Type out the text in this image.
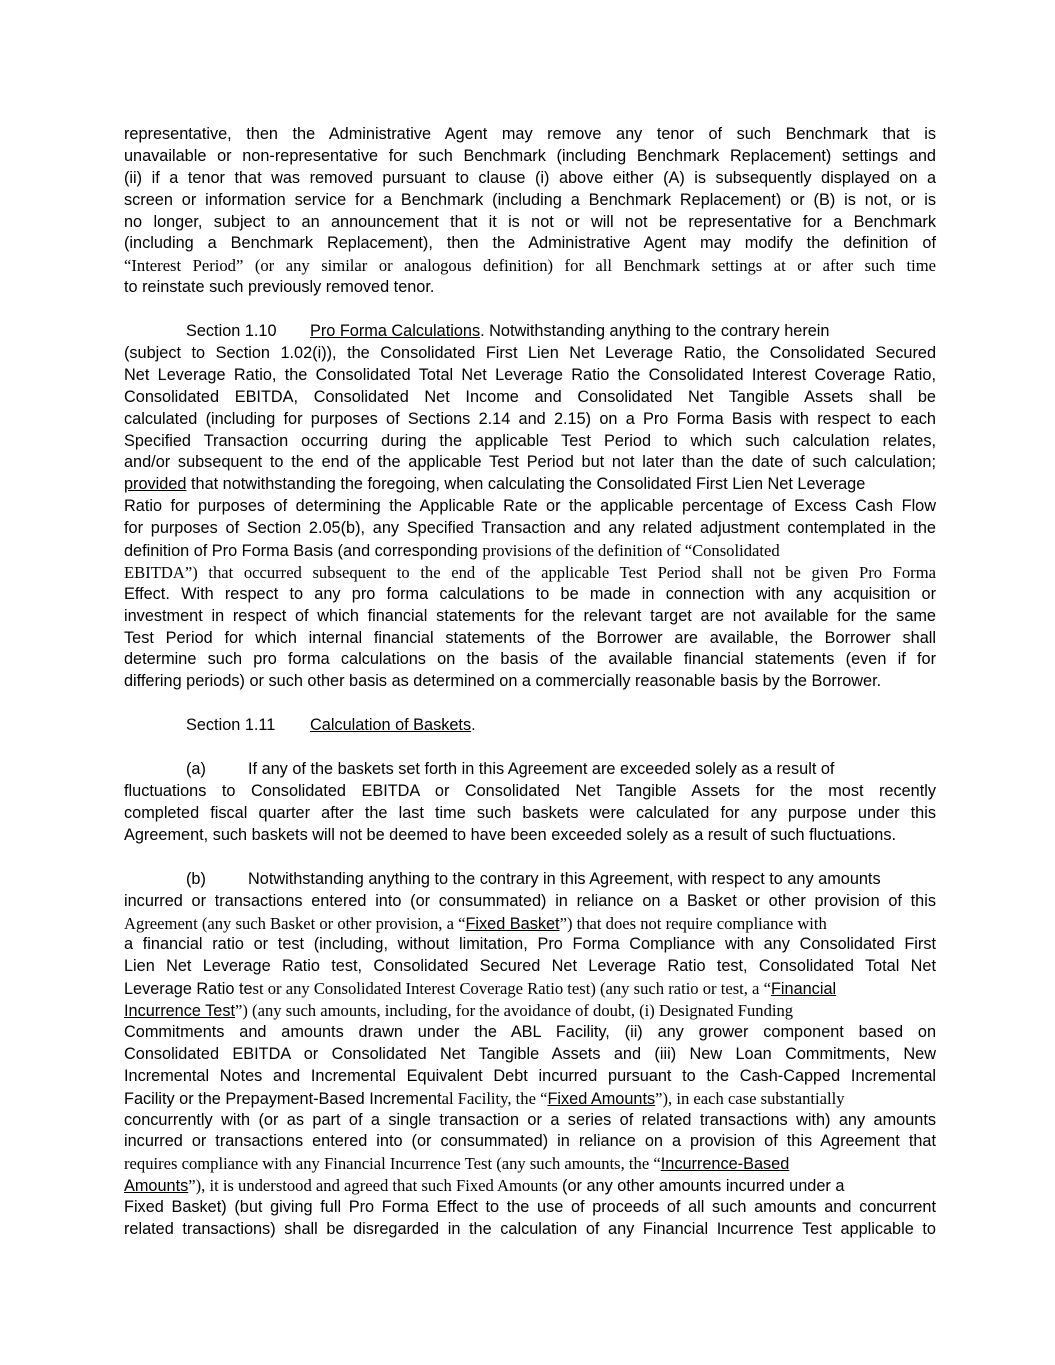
representative, then the Administrative Agent may remove any tenor of such Benchmark that is
unavailable or non-representative for such Benchmark (including Benchmark Replacement) settings and
(ii) if a tenor that was removed pursuant to clause (i) above either (A) is subsequently displayed on a
screen or information service for a Benchmark (including a Benchmark Replacement) or (B) is not, or is
no longer, subject to an announcement that it is not or will not be representative for a Benchmark
(including a Benchmark Replacement), then the Administrative Agent may modify the definition of
“Interest Period” (or any similar or analogous definition) for all Benchmark settings at or after such time
to reinstate such previously removed tenor.
Section 1.10 Pro Forma Calculations. Notwithstanding anything to the contrary herein
(subject to Section 1.02(i)), the Consolidated First Lien Net Leverage Ratio, the Consolidated Secured
Net Leverage Ratio, the Consolidated Total Net Leverage Ratio the Consolidated Interest Coverage Ratio,
Consolidated EBITDA, Consolidated Net Income and Consolidated Net Tangible Assets shall be
calculated (including for purposes of Sections 2.14 and 2.15) on a Pro Forma Basis with respect to each
Specified Transaction occurring during the applicable Test Period to which such calculation relates,
and/or subsequent to the end of the applicable Test Period but not later than the date of such calculation;
provided that notwithstanding the foregoing, when calculating the Consolidated First Lien Net Leverage
Ratio for purposes of determining the Applicable Rate or the applicable percentage of Excess Cash Flow
for purposes of Section 2.05(b), any Specified Transaction and any related adjustment contemplated in the
definition of Pro Forma Basis (and corresponding provisions of the definition of “Consolidated
EBITDA”) that occurred subsequent to the end of the applicable Test Period shall not be given Pro Forma
Effect. With respect to any pro forma calculations to be made in connection with any acquisition or
investment in respect of which financial statements for the relevant target are not available for the same
Test Period for which internal financial statements of the Borrower are available, the Borrower shall
determine such pro forma calculations on the basis of the available financial statements (even if for
differing periods) or such other basis as determined on a commercially reasonable basis by the Borrower.
Section 1.11 Calculation of Baskets.
(a)	If any of the baskets set forth in this Agreement are exceeded solely as a result of
fluctuations to Consolidated EBITDA or Consolidated Net Tangible Assets for the most recently
completed fiscal quarter after the last time such baskets were calculated for any purpose under this
Agreement, such baskets will not be deemed to have been exceeded solely as a result of such fluctuations.
(b)	Notwithstanding anything to the contrary in this Agreement, with respect to any amounts
incurred or transactions entered into (or consummated) in reliance on a Basket or other provision of this
Agreement (any such Basket or other provision, a “Fixed Basket”) that does not require compliance with
a financial ratio or test (including, without limitation, Pro Forma Compliance with any Consolidated First
Lien Net Leverage Ratio test, Consolidated Secured Net Leverage Ratio test, Consolidated Total Net
Leverage Ratio test or any Consolidated Interest Coverage Ratio test) (any such ratio or test, a “Financial
Incurrence Test”) (any such amounts, including, for the avoidance of doubt, (i) Designated Funding
Commitments and amounts drawn under the ABL Facility, (ii) any grower component based on
Consolidated EBITDA or Consolidated Net Tangible Assets and (iii) New Loan Commitments, New
Incremental Notes and Incremental Equivalent Debt incurred pursuant to the Cash-Capped Incremental
Facility or the Prepayment-Based Incremental Facility, the “Fixed Amounts”), in each case substantially
concurrently with (or as part of a single transaction or a series of related transactions with) any amounts
incurred or transactions entered into (or consummated) in reliance on a provision of this Agreement that
requires compliance with any Financial Incurrence Test (any such amounts, the “Incurrence-Based
Amounts”), it is understood and agreed that such Fixed Amounts (or any other amounts incurred under a
Fixed Basket) (but giving full Pro Forma Effect to the use of proceeds of all such amounts and concurrent
related transactions) shall be disregarded in the calculation of any Financial Incurrence Test applicable to
